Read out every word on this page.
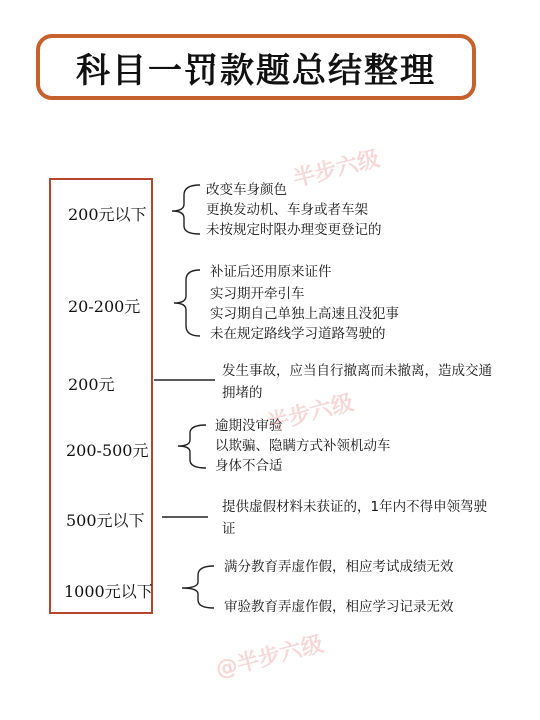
科目一罚款题总结整理
200元以下
改变车身颜色
更换发动机、车身或者车架
未按规定时限办理变更登记的
20-200元
补证后还用原来证件
实习期开牵引车
实习期自己单独上高速且没犯事
未在规定路线学习道路驾驶的
200元
发生事故，应当自行撤离而未撤离，造成交通拥堵的
200-500元
逾期没审验
以欺骗、隐瞒方式补领机动车
身体不合适
500元以下
提供虚假材料未获证的，1年内不得申领驾驶证
1000元以下
满分教育弄虚作假，相应考试成绩无效
审验教育弄虚作假，相应学习记录无效
半步六级
半步六级
@半步六级
